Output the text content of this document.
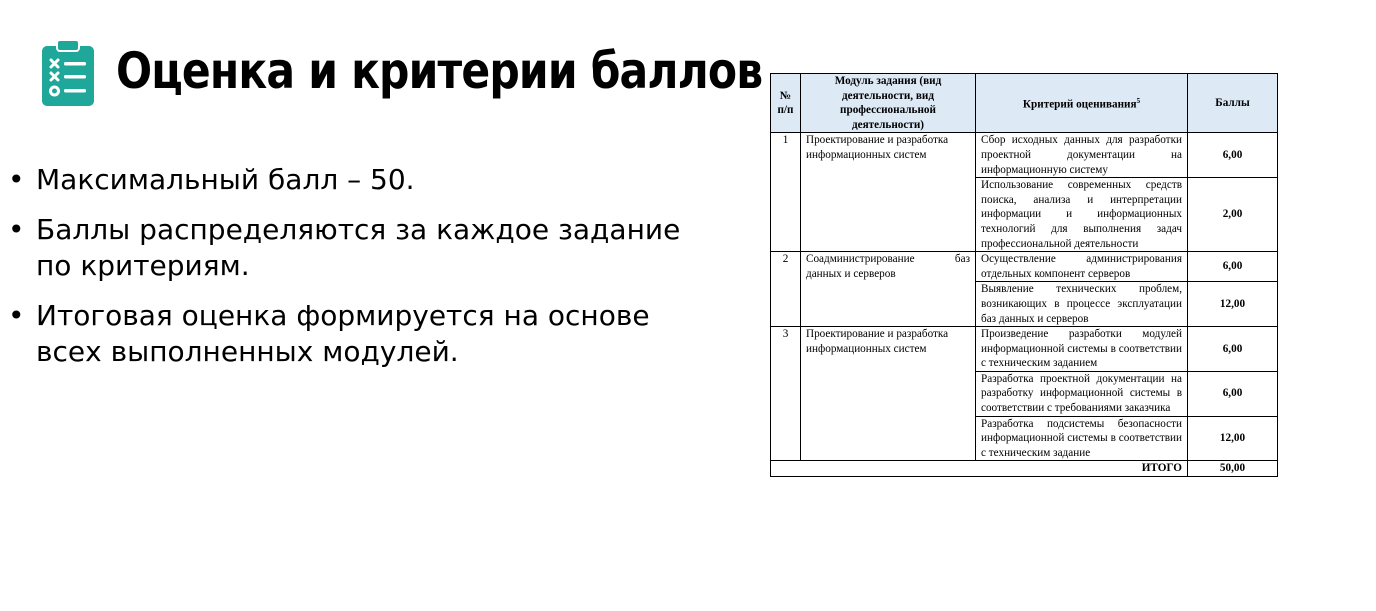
Оценка и критерии баллов
• Максимальный балл – 50.
• Баллы распределяются за каждое задание по критериям.
• Итоговая оценка формируется на основе всех выполненных модулей.
№ п/п	Модуль задания (вид деятельности, вид профессиональной деятельности)	Критерий оценивания$^5$	Баллы
1	Проектирование и разработка информационных систем	Сбор исходных данных для разработки проектной документации на информационную систему	6,00
		Использование современных средств поиска, анализа и интерпретации информации и информационных технологий для выполнения задач профессиональной деятельности	2,00
2	Соадминистрирование баз данных и серверов	Осуществление администрирования отдельных компонент серверов	6,00
		Выявление технических проблем, возникающих в процессе эксплуатации баз данных и серверов	12,00
3	Проектирование и разработка информационных систем	Произведение разработки модулей информационной системы в соответствии с техническим заданием	6,00
		Разработка проектной документации на разработку информационной системы в соответствии с требованиями заказчика	6,00
		Разработка подсистемы безопасности информационной системы в соответствии с техническим задание	12,00
ИТОГО			50,00
